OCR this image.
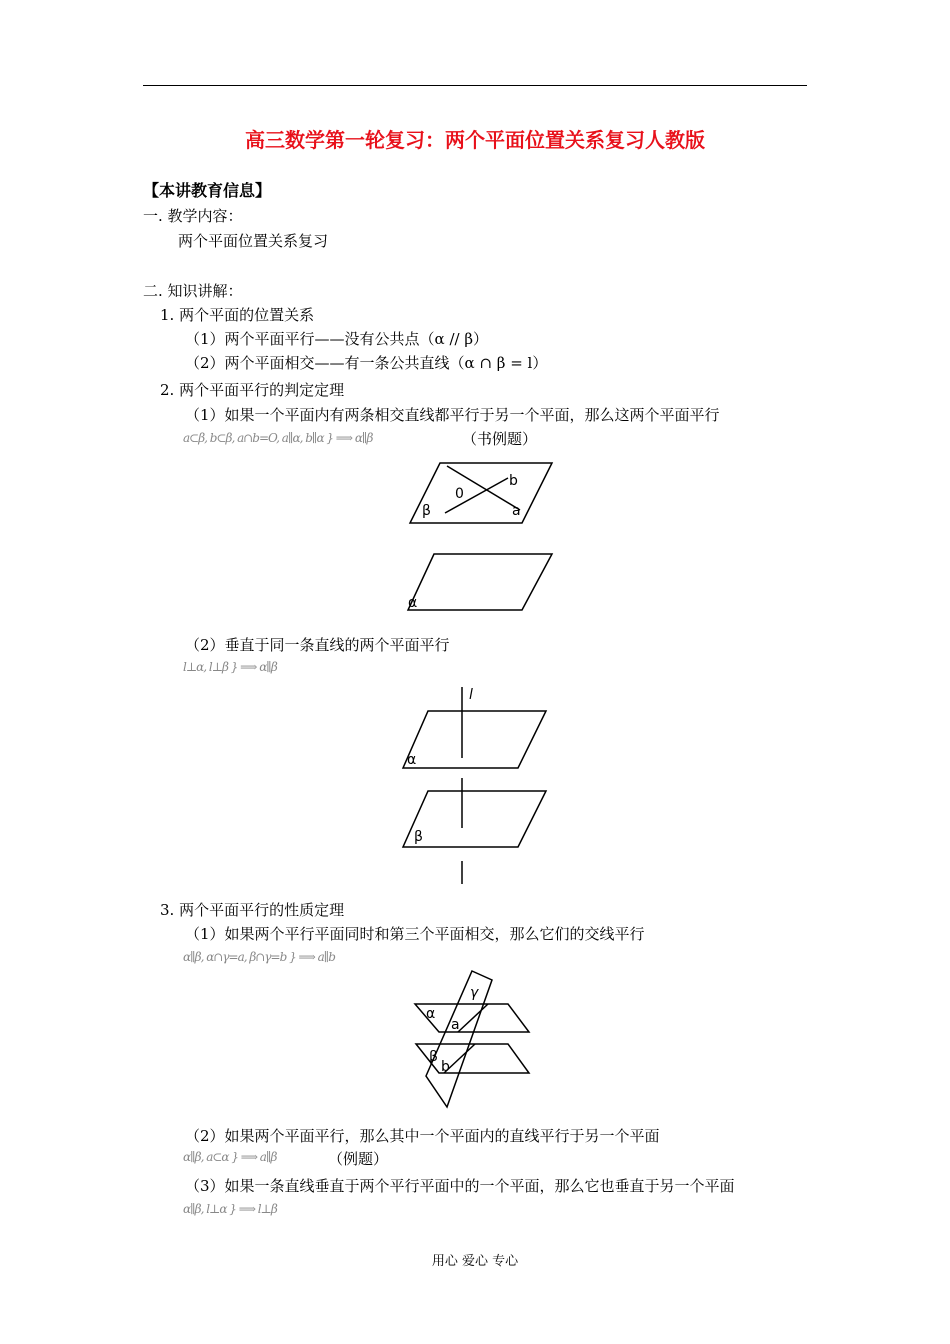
高三数学第一轮复习：两个平面位置关系复习人教版
【本讲教育信息】
一. 教学内容：
两个平面位置关系复习
二. 知识讲解：
1. 两个平面的位置关系
（1）两个平面平行——没有公共点（α // β）
（2）两个平面相交——有一条公共直线（α ∩ β = l）
2. 两个平面平行的判定定理
（1）如果一个平面内有两条相交直线都平行于另一个平面，那么这两个平面平行
a⊂β, b⊂β, a∩b=O, a∥α, b∥α } ⟹ α∥β	（书例题）
b
0
β	a
α
（2）垂直于同一条直线的两个平面平行
l⊥α, l⊥β } ⟹ α∥β
l
α
β
3. 两个平面平行的性质定理
（1）如果两个平行平面同时和第三个平面相交，那么它们的交线平行
α∥β, α∩γ=a, β∩γ=b } ⟹ a∥b
γ
α
a
β
b
（2）如果两个平面平行，那么其中一个平面内的直线平行于另一个平面
α∥β, a⊂α } ⟹ a∥β	（例题）
（3）如果一条直线垂直于两个平行平面中的一个平面，那么它也垂直于另一个平面
α∥β, l⊥α } ⟹ l⊥β
用心 爱心 专心
